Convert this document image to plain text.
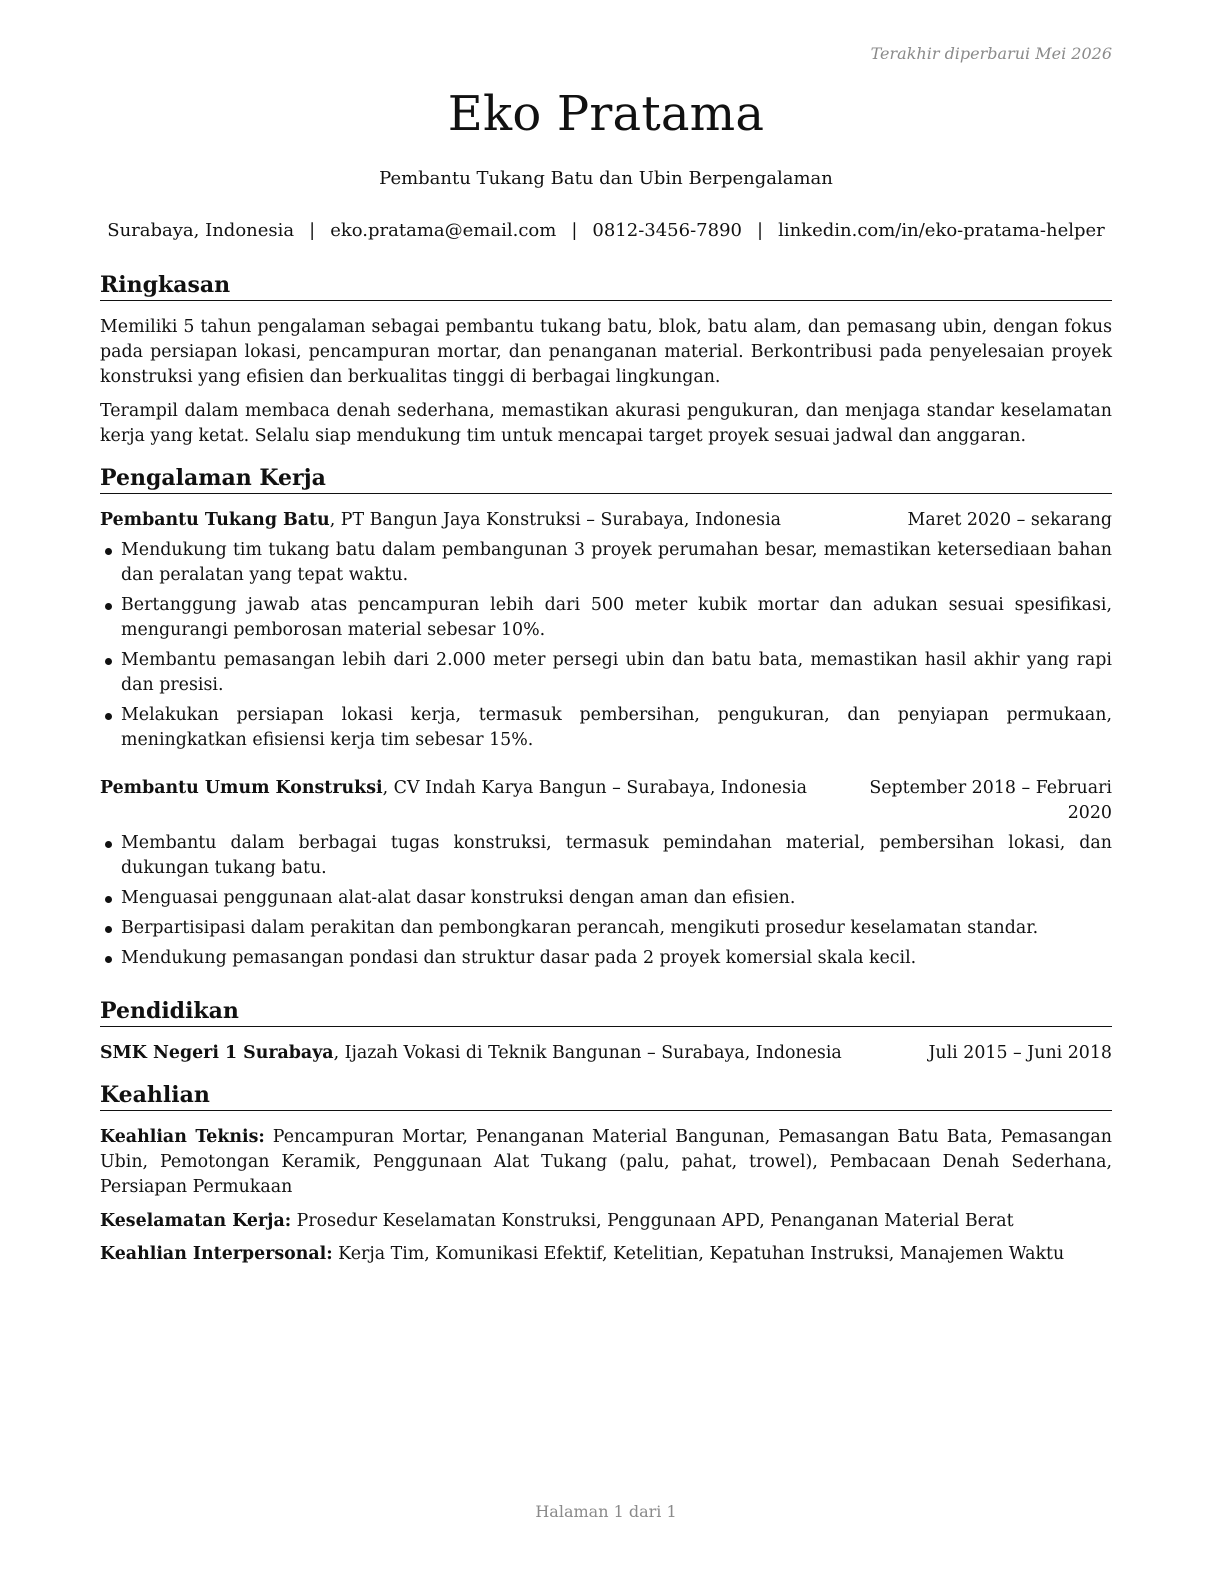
Terakhir diperbarui Mei 2026
Eko Pratama
Pembantu Tukang Batu dan Ubin Berpengalaman
Surabaya, Indonesia | eko.pratama@email.com | 0812-3456-7890 | linkedin.com/in/eko-pratama-helper
Ringkasan
Memiliki 5 tahun pengalaman sebagai pembantu tukang batu, blok, batu alam, dan pemasang ubin, dengan fokus pada persiapan lokasi, pencampuran mortar, dan penanganan material. Berkontribusi pada penyelesaian proyek konstruksi yang efisien dan berkualitas tinggi di berbagai lingkungan.
Terampil dalam membaca denah sederhana, memastikan akurasi pengukuran, dan menjaga standar keselamatan kerja yang ketat. Selalu siap mendukung tim untuk mencapai target proyek sesuai jadwal dan anggaran.
Pengalaman Kerja
Pembantu Tukang Batu, PT Bangun Jaya Konstruksi – Surabaya, Indonesia	Maret 2020 – sekarang
Mendukung tim tukang batu dalam pembangunan 3 proyek perumahan besar, memastikan ketersediaan bahan dan peralatan yang tepat waktu.
Bertanggung jawab atas pencampuran lebih dari 500 meter kubik mortar dan adukan sesuai spesifikasi, mengurangi pemborosan material sebesar 10%.
Membantu pemasangan lebih dari 2.000 meter persegi ubin dan batu bata, memastikan hasil akhir yang rapi dan presisi.
Melakukan persiapan lokasi kerja, termasuk pembersihan, pengukuran, dan penyiapan permukaan, meningkatkan efisiensi kerja tim sebesar 15%.
Pembantu Umum Konstruksi, CV Indah Karya Bangun – Surabaya, Indonesia	September 2018 – Februari
2020
Membantu dalam berbagai tugas konstruksi, termasuk pemindahan material, pembersihan lokasi, dan dukungan tukang batu.
Menguasai penggunaan alat-alat dasar konstruksi dengan aman dan efisien.
Berpartisipasi dalam perakitan dan pembongkaran perancah, mengikuti prosedur keselamatan standar.
Mendukung pemasangan pondasi dan struktur dasar pada 2 proyek komersial skala kecil.
Pendidikan
SMK Negeri 1 Surabaya, Ijazah Vokasi di Teknik Bangunan – Surabaya, Indonesia	Juli 2015 – Juni 2018
Keahlian
Keahlian Teknis: Pencampuran Mortar, Penanganan Material Bangunan, Pemasangan Batu Bata, Pemasangan Ubin, Pemotongan Keramik, Penggunaan Alat Tukang (palu, pahat, trowel), Pembacaan Denah Sederhana, Persiapan Permukaan
Keselamatan Kerja: Prosedur Keselamatan Konstruksi, Penggunaan APD, Penanganan Material Berat
Keahlian Interpersonal: Kerja Tim, Komunikasi Efektif, Ketelitian, Kepatuhan Instruksi, Manajemen Waktu
Halaman 1 dari 1
